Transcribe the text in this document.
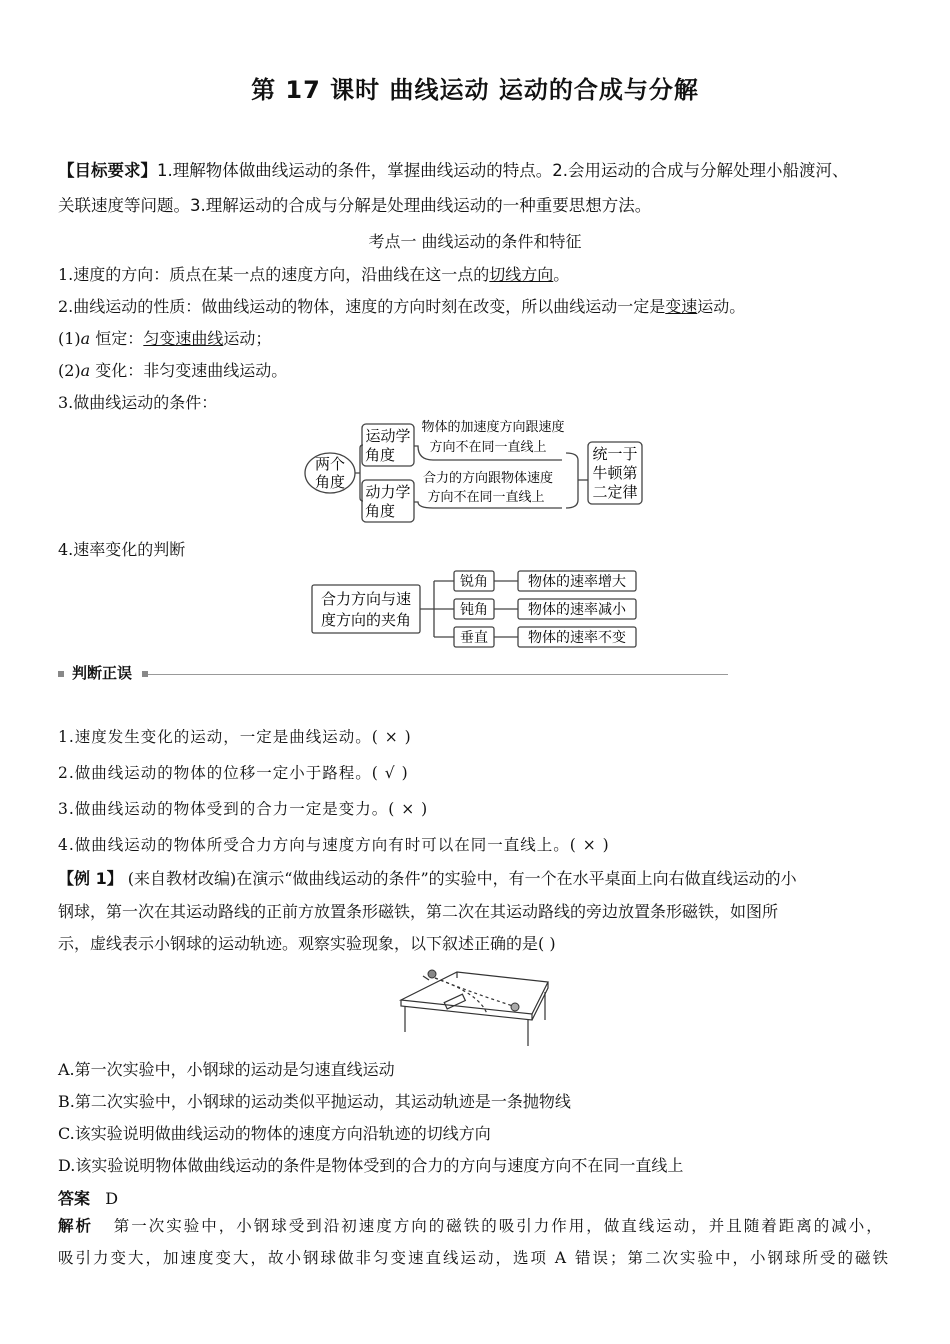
第 17 课时 曲线运动 运动的合成与分解
【目标要求】1.理解物体做曲线运动的条件，掌握曲线运动的特点。2.会用运动的合成与分解处理小船渡河、
关联速度等问题。3.理解运动的合成与分解是处理曲线运动的一种重要思想方法。
考点一 曲线运动的条件和特征
1.速度的方向：质点在某一点的速度方向，沿曲线在这一点的切线方向。
2.曲线运动的性质：做曲线运动的物体，速度的方向时刻在改变，所以曲线运动一定是变速运动。
(1)a 恒定：匀变速曲线运动；
(2)a 变化：非匀变速曲线运动。
3.做曲线运动的条件：
两个
角度
运动学
角度
动力学
角度
物体的加速度方向跟速度
方向不在同一直线上
合力的方向跟物体速度
方向不在同一直线上
统一于
牛顿第
二定律
4.速率变化的判断
合力方向与速
度方向的夹角
锐角
钝角
垂直
物体的速率增大
物体的速率减小
物体的速率不变
判断正误
1.速度发生变化的运动，一定是曲线运动。( × )
2.做曲线运动的物体的位移一定小于路程。( √ )
3.做曲线运动的物体受到的合力一定是变力。( × )
4.做曲线运动的物体所受合力方向与速度方向有时可以在同一直线上。( × )
【例 1】 (来自教材改编)在演示“做曲线运动的条件”的实验中，有一个在水平桌面上向右做直线运动的小
钢球，第一次在其运动路线的正前方放置条形磁铁，第二次在其运动路线的旁边放置条形磁铁，如图所
示，虚线表示小钢球的运动轨迹。观察实验现象，以下叙述正确的是( )
A.第一次实验中，小钢球的运动是匀速直线运动
B.第二次实验中，小钢球的运动类似平抛运动，其运动轨迹是一条抛物线
C.该实验说明做曲线运动的物体的速度方向沿轨迹的切线方向
D.该实验说明物体做曲线运动的条件是物体受到的合力的方向与速度方向不在同一直线上
答案 D
解析 第一次实验中，小钢球受到沿初速度方向的磁铁的吸引力作用，做直线运动，并且随着距离的减小，
吸引力变大，加速度变大，故小钢球做非匀变速直线运动，选项 A 错误；第二次实验中，小钢球所受的磁铁
